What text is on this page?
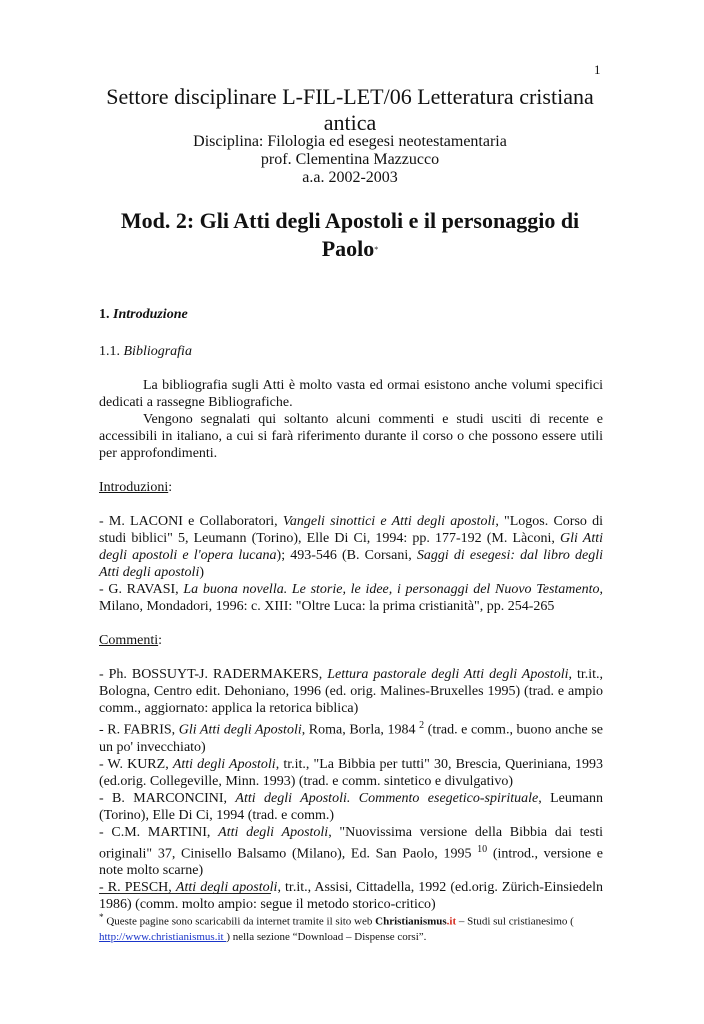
1
Settore disciplinare L-FIL-LET/06 Letteratura cristiana antica
Disciplina: Filologia ed esegesi neotestamentaria
prof. Clementina Mazzucco
a.a. 2002-2003
Mod. 2: Gli Atti degli Apostoli e il personaggio di Paolo*
1. Introduzione
1.1. Bibliografia
La bibliografia sugli Atti è molto vasta ed ormai esistono anche volumi specifici dedicati a rassegne Bibliografiche.
Vengono segnalati qui soltanto alcuni commenti e studi usciti di recente e accessibili in italiano, a cui si farà riferimento durante il corso o che possono essere utili per approfondimenti.
Introduzioni:
- M. LACONI e Collaboratori, Vangeli sinottici e Atti degli apostoli, "Logos. Corso di studi biblici" 5, Leumann (Torino), Elle Di Ci, 1994: pp. 177-192 (M. Làconi, Gli Atti degli apostoli e l'opera lucana); 493-546 (B. Corsani, Saggi di esegesi: dal libro degli Atti degli apostoli)
- G. RAVASI, La buona novella. Le storie, le idee, i personaggi del Nuovo Testamento, Milano, Mondadori, 1996: c. XIII: "Oltre Luca: la prima cristianità", pp. 254-265
Commenti:
- Ph. BOSSUYT-J. RADERMAKERS, Lettura pastorale degli Atti degli Apostoli, tr.it., Bologna, Centro edit. Dehoniano, 1996 (ed. orig. Malines-Bruxelles 1995) (trad. e ampio comm., aggiornato: applica la retorica biblica)
- R. FABRIS, Gli Atti degli Apostoli, Roma, Borla, 1984 $^2$ (trad. e comm., buono anche se un po' invecchiato)
- W. KURZ, Atti degli Apostoli, tr.it., "La Bibbia per tutti" 30, Brescia, Queriniana, 1993 (ed.orig. Collegeville, Minn. 1993) (trad. e comm. sintetico e divulgativo)
- B. MARCONCINI, Atti degli Apostoli. Commento esegetico-spirituale, Leumann (Torino), Elle Di Ci, 1994 (trad. e comm.)
- C.M. MARTINI, Atti degli Apostoli, "Nuovissima versione della Bibbia dai testi originali" 37, Cinisello Balsamo (Milano), Ed. San Paolo, 1995 $^{10}$ (introd., versione e note molto scarne)
- R. PESCH, Atti degli apostoli, tr.it., Assisi, Cittadella, 1992 (ed.orig. Zürich-Einsiedeln 1986) (comm. molto ampio: segue il metodo storico-critico)
* Queste pagine sono scaricabili da internet tramite il sito web Christianismus.it – Studi sul cristianesimo ( http://www.christianismus.it ) nella sezione “Download – Dispense corsi”.
